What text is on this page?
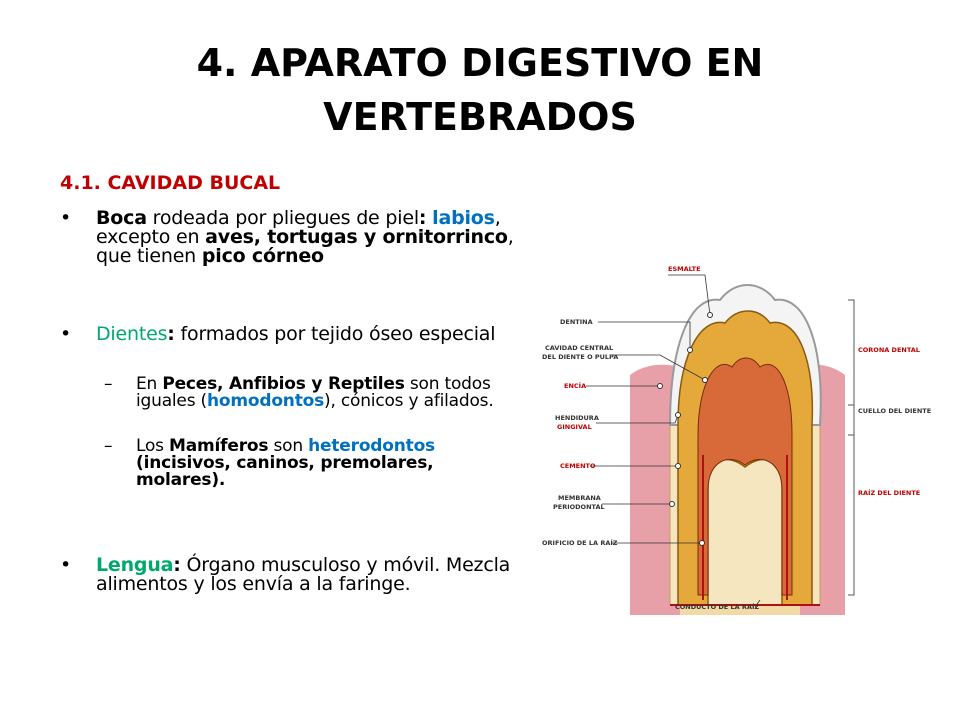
4. APARATO DIGESTIVO EN
VERTEBRADOS
4.1. CAVIDAD BUCAL
• Boca rodeada por pliegues de piel: labios, excepto en aves, tortugas y ornitorrinco, que tienen pico córneo
• Dientes: formados por tejido óseo especial
– En Peces, Anfibios y Reptiles son todos iguales (homodontos), cónicos y afilados.
– Los Mamíferos son heterodontos (incisivos, caninos, premolares, molares).
• Lengua: Órgano musculoso y móvil. Mezcla alimentos y los envía a la faringe.
ESMALTE
DENTINA
CAVIDAD CENTRAL
DEL DIENTE O PULPA
ENCÍA
HENDIDURA
GINGIVAL
CEMENTO
MEMBRANA
PERIODONTAL
ORIFICIO DE LA RAÍZ
CONDUCTO DE LA RAÍZ
CORONA DENTAL
CUELLO DEL DIENTE
RAÍZ DEL DIENTE
